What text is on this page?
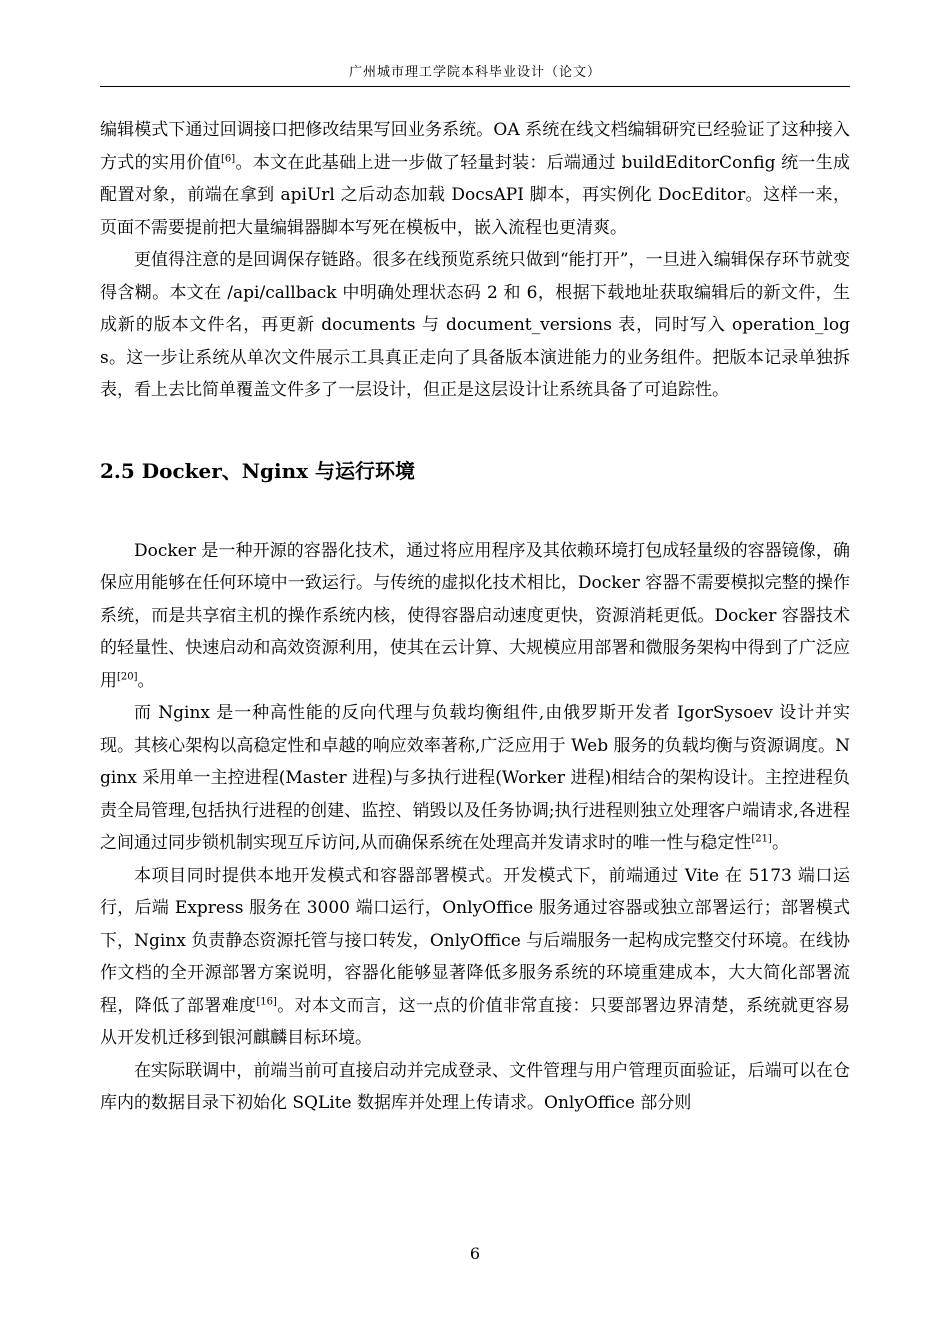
广州城市理工学院本科毕业设计（论文）

编辑模式下通过回调接口把修改结果写回业务系统。OA 系统在线文档编辑研究已经验证了这种接入方式的实用价值[6]。本文在此基础上进一步做了轻量封装：后端通过 buildEditorConfig 统一生成配置对象，前端在拿到 apiUrl 之后动态加载 DocsAPI 脚本，再实例化 DocEditor。这样一来，页面不需要提前把大量编辑器脚本写死在模板中，嵌入流程也更清爽。

更值得注意的是回调保存链路。很多在线预览系统只做到“能打开”，一旦进入编辑保存环节就变得含糊。本文在 /api/callback 中明确处理状态码 2 和 6，根据下载地址获取编辑后的新文件，生成新的版本文件名，再更新 documents 与 document_versions 表，同时写入 operation_logs。这一步让系统从单次文件展示工具真正走向了具备版本演进能力的业务组件。把版本记录单独拆表，看上去比简单覆盖文件多了一层设计，但正是这层设计让系统具备了可追踪性。

2.5 Docker、Nginx 与运行环境

Docker 是一种开源的容器化技术，通过将应用程序及其依赖环境打包成轻量级的容器镜像，确保应用能够在任何环境中一致运行。与传统的虚拟化技术相比，Docker 容器不需要模拟完整的操作系统，而是共享宿主机的操作系统内核，使得容器启动速度更快，资源消耗更低。Docker 容器技术的轻量性、快速启动和高效资源利用，使其在云计算、大规模应用部署和微服务架构中得到了广泛应用[20]。

而 Nginx 是一种高性能的反向代理与负载均衡组件,由俄罗斯开发者 IgorSysoev 设计并实现。其核心架构以高稳定性和卓越的响应效率著称,广泛应用于 Web 服务的负载均衡与资源调度。Nginx 采用单一主控进程(Master 进程)与多执行进程(Worker 进程)相结合的架构设计。主控进程负责全局管理,包括执行进程的创建、监控、销毁以及任务协调;执行进程则独立处理客户端请求,各进程之间通过同步锁机制实现互斥访问,从而确保系统在处理高并发请求时的唯一性与稳定性[21]。

本项目同时提供本地开发模式和容器部署模式。开发模式下，前端通过 Vite 在 5173 端口运行，后端 Express 服务在 3000 端口运行，OnlyOffice 服务通过容器或独立部署运行；部署模式下，Nginx 负责静态资源托管与接口转发，OnlyOffice 与后端服务一起构成完整交付环境。在线协作文档的全开源部署方案说明，容器化能够显著降低多服务系统的环境重建成本，大大简化部署流程，降低了部署难度[16]。对本文而言，这一点的价值非常直接：只要部署边界清楚，系统就更容易从开发机迁移到银河麒麟目标环境。

在实际联调中，前端当前可直接启动并完成登录、文件管理与用户管理页面验证，后端可以在仓库内的数据目录下初始化 SQLite 数据库并处理上传请求。OnlyOffice 部分则

6
